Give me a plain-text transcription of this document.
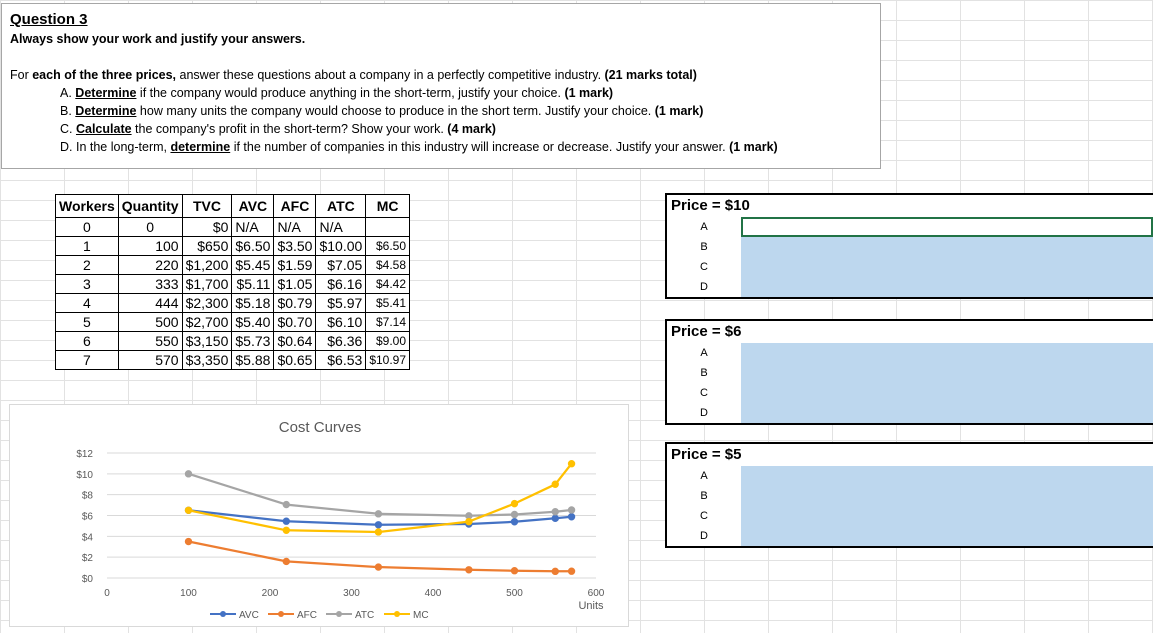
Question 3
Always show your work and justify your answers.
For each of the three prices, answer these questions about a company in a perfectly competitive industry. (21 marks total)
A. Determine if the company would produce anything in the short-term, justify your choice. (1 mark)
B. Determine how many units the company would choose to produce in the short term. Justify your choice. (1 mark)
C. Calculate the company's profit in the short-term? Show your work. (4 mark)
D. In the long-term, determine if the number of companies in this industry will increase or decrease. Justify your answer. (1 mark)
Workers	Quantity	TVC	AVC	AFC	ATC	MC
0	0	$0	N/A	N/A	N/A	
1	100	$650	$6.50	$3.50	$10.00	$6.50
2	220	$1,200	$5.45	$1.59	$7.05	$4.58
3	333	$1,700	$5.11	$1.05	$6.16	$4.42
4	444	$2,300	$5.18	$0.79	$5.97	$5.41
5	500	$2,700	$5.40	$0.70	$6.10	$7.14
6	550	$3,150	$5.73	$0.64	$6.36	$9.00
7	570	$3,350	$5.88	$0.65	$6.53	$10.97
Cost Curves
$0
$2
$4
$6
$8
$10
$12
0	100	200	300	400	500	600
Units
AVC	AFC	ATC	MC
Price = $10
A
B
C
D
Price = $6
A
B
C
D
Price = $5
A
B
C
D
